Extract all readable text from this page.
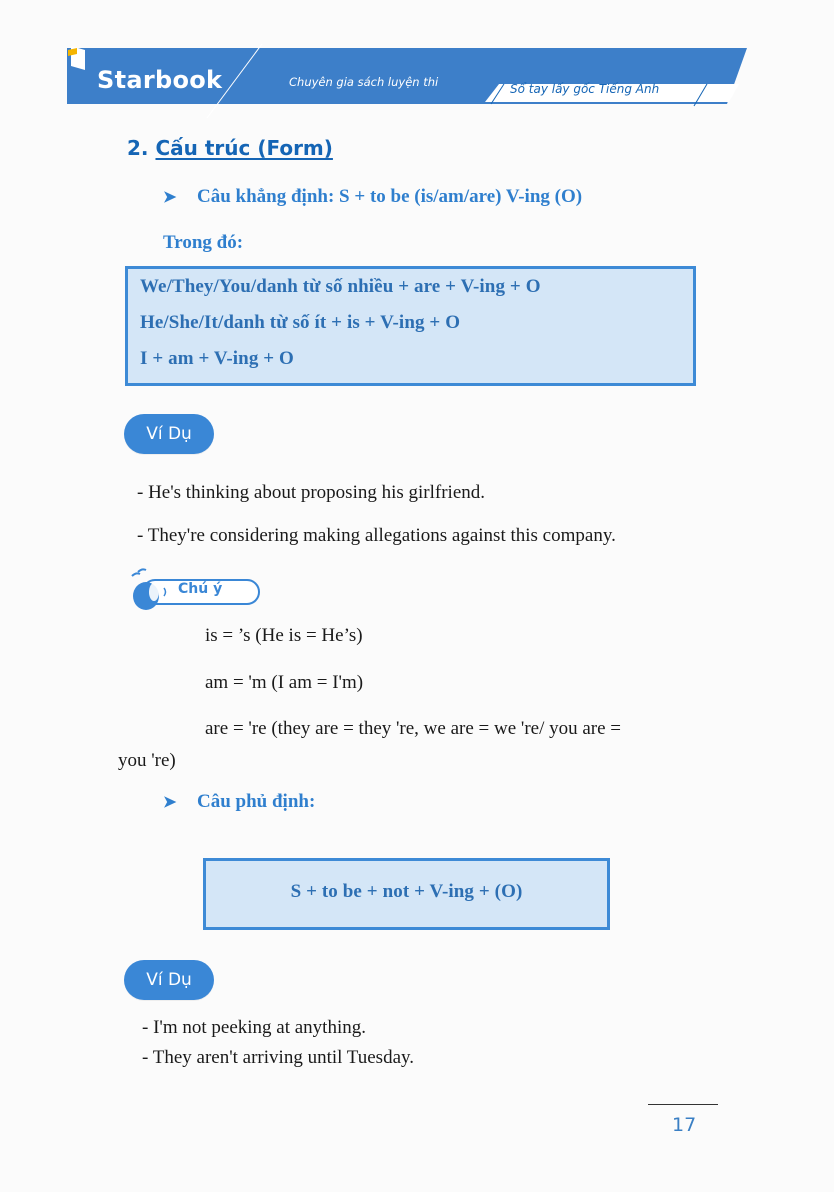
Starbook	Chuyên gia sách luyện thi	Sổ tay lấy gốc Tiếng Anh
2. Cấu trúc (Form)
➤ Câu khẳng định: S + to be (is/am/are) V-ing (O)
Trong đó:
We/They/You/danh từ số nhiều + are + V-ing + O
He/She/It/danh từ số ít + is + V-ing + O
I + am + V-ing + O
Ví Dụ
- He's thinking about proposing his girlfriend.
- They're considering making allegations against this company.
Chú ý
is = ’s (He is = He’s)
am = 'm (I am = I'm)
are = 're (they are = they 're, we are = we 're/ you are =
you 're)
➤ Câu phủ định:
S + to be + not + V-ing + (O)
Ví Dụ
- I'm not peeking at anything.
- They aren't arriving until Tuesday.
17
